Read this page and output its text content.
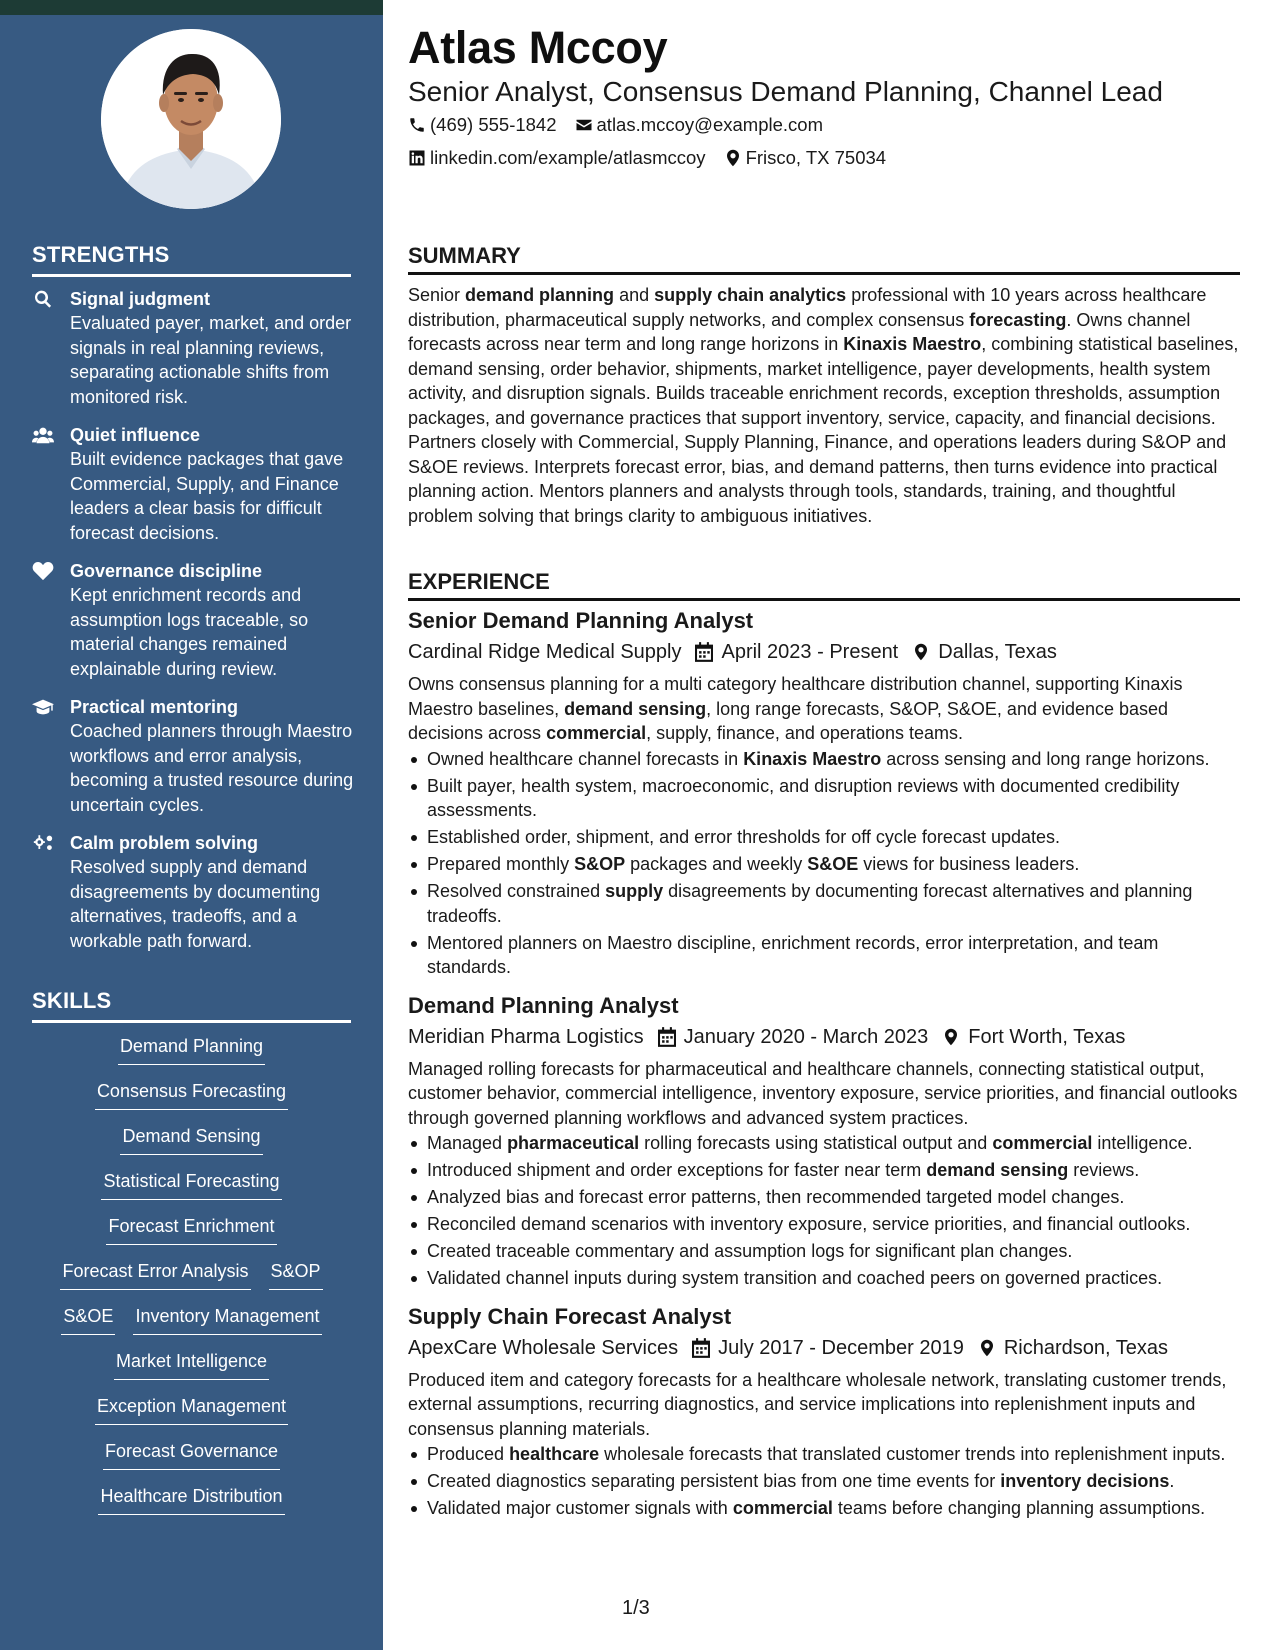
STRENGTHS
Signal judgment
Evaluated payer, market, and order signals in real planning reviews, separating actionable shifts from monitored risk.
Quiet influence
Built evidence packages that gave Commercial, Supply, and Finance leaders a clear basis for difficult forecast decisions.
Governance discipline
Kept enrichment records and assumption logs traceable, so material changes remained explainable during review.
Practical mentoring
Coached planners through Maestro workflows and error analysis, becoming a trusted resource during uncertain cycles.
Calm problem solving
Resolved supply and demand disagreements by documenting alternatives, tradeoffs, and a workable path forward.
SKILLS
Demand Planning
Consensus Forecasting
Demand Sensing
Statistical Forecasting
Forecast Enrichment
Forecast Error Analysis S&OP
S&OE Inventory Management
Market Intelligence
Exception Management
Forecast Governance
Healthcare Distribution
Atlas Mccoy
Senior Analyst, Consensus Demand Planning, Channel Lead
(469) 555-1842 atlas.mccoy@example.com
linkedin.com/example/atlasmccoy Frisco, TX 75034
SUMMARY

Senior demand planning and supply chain analytics professional with 10 years across healthcare distribution, pharmaceutical supply networks, and complex consensus forecasting. Owns channel forecasts across near term and long range horizons in Kinaxis Maestro, combining statistical baselines, demand sensing, order behavior, shipments, market intelligence, payer developments, health system activity, and disruption signals. Builds traceable enrichment records, exception thresholds, assumption packages, and governance practices that support inventory, service, capacity, and financial decisions. Partners closely with Commercial, Supply Planning, Finance, and operations leaders during S&OP and S&OE reviews. Interprets forecast error, bias, and demand patterns, then turns evidence into practical planning action. Mentors planners and analysts through tools, standards, training, and thoughtful problem solving that brings clarity to ambiguous initiatives.

EXPERIENCE
Senior Demand Planning Analyst
Cardinal Ridge Medical Supply April 2023 - Present Dallas, Texas

Owns consensus planning for a multi category healthcare distribution channel, supporting Kinaxis Maestro baselines, demand sensing, long range forecasts, S&OP, S&OE, and evidence based decisions across commercial, supply, finance, and operations teams.

Owned healthcare channel forecasts in Kinaxis Maestro across sensing and long range horizons.
Built payer, health system, macroeconomic, and disruption reviews with documented credibility assessments.
Established order, shipment, and error thresholds for off cycle forecast updates.
Prepared monthly S&OP packages and weekly S&OE views for business leaders.
Resolved constrained supply disagreements by documenting forecast alternatives and planning tradeoffs.
Mentored planners on Maestro discipline, enrichment records, error interpretation, and team standards.
Demand Planning Analyst
Meridian Pharma Logistics January 2020 - March 2023 Fort Worth, Texas

Managed rolling forecasts for pharmaceutical and healthcare channels, connecting statistical output, customer behavior, commercial intelligence, inventory exposure, service priorities, and financial outlooks through governed planning workflows and advanced system practices.

Managed pharmaceutical rolling forecasts using statistical output and commercial intelligence.
Introduced shipment and order exceptions for faster near term demand sensing reviews.
Analyzed bias and forecast error patterns, then recommended targeted model changes.
Reconciled demand scenarios with inventory exposure, service priorities, and financial outlooks.
Created traceable commentary and assumption logs for significant plan changes.
Validated channel inputs during system transition and coached peers on governed practices.
Supply Chain Forecast Analyst
ApexCare Wholesale Services July 2017 - December 2019 Richardson, Texas

Produced item and category forecasts for a healthcare wholesale network, translating customer trends, external assumptions, recurring diagnostics, and service implications into replenishment inputs and consensus planning materials.

Produced healthcare wholesale forecasts that translated customer trends into replenishment inputs.
Created diagnostics separating persistent bias from one time events for inventory decisions.
Validated major customer signals with commercial teams before changing planning assumptions.
1/3
